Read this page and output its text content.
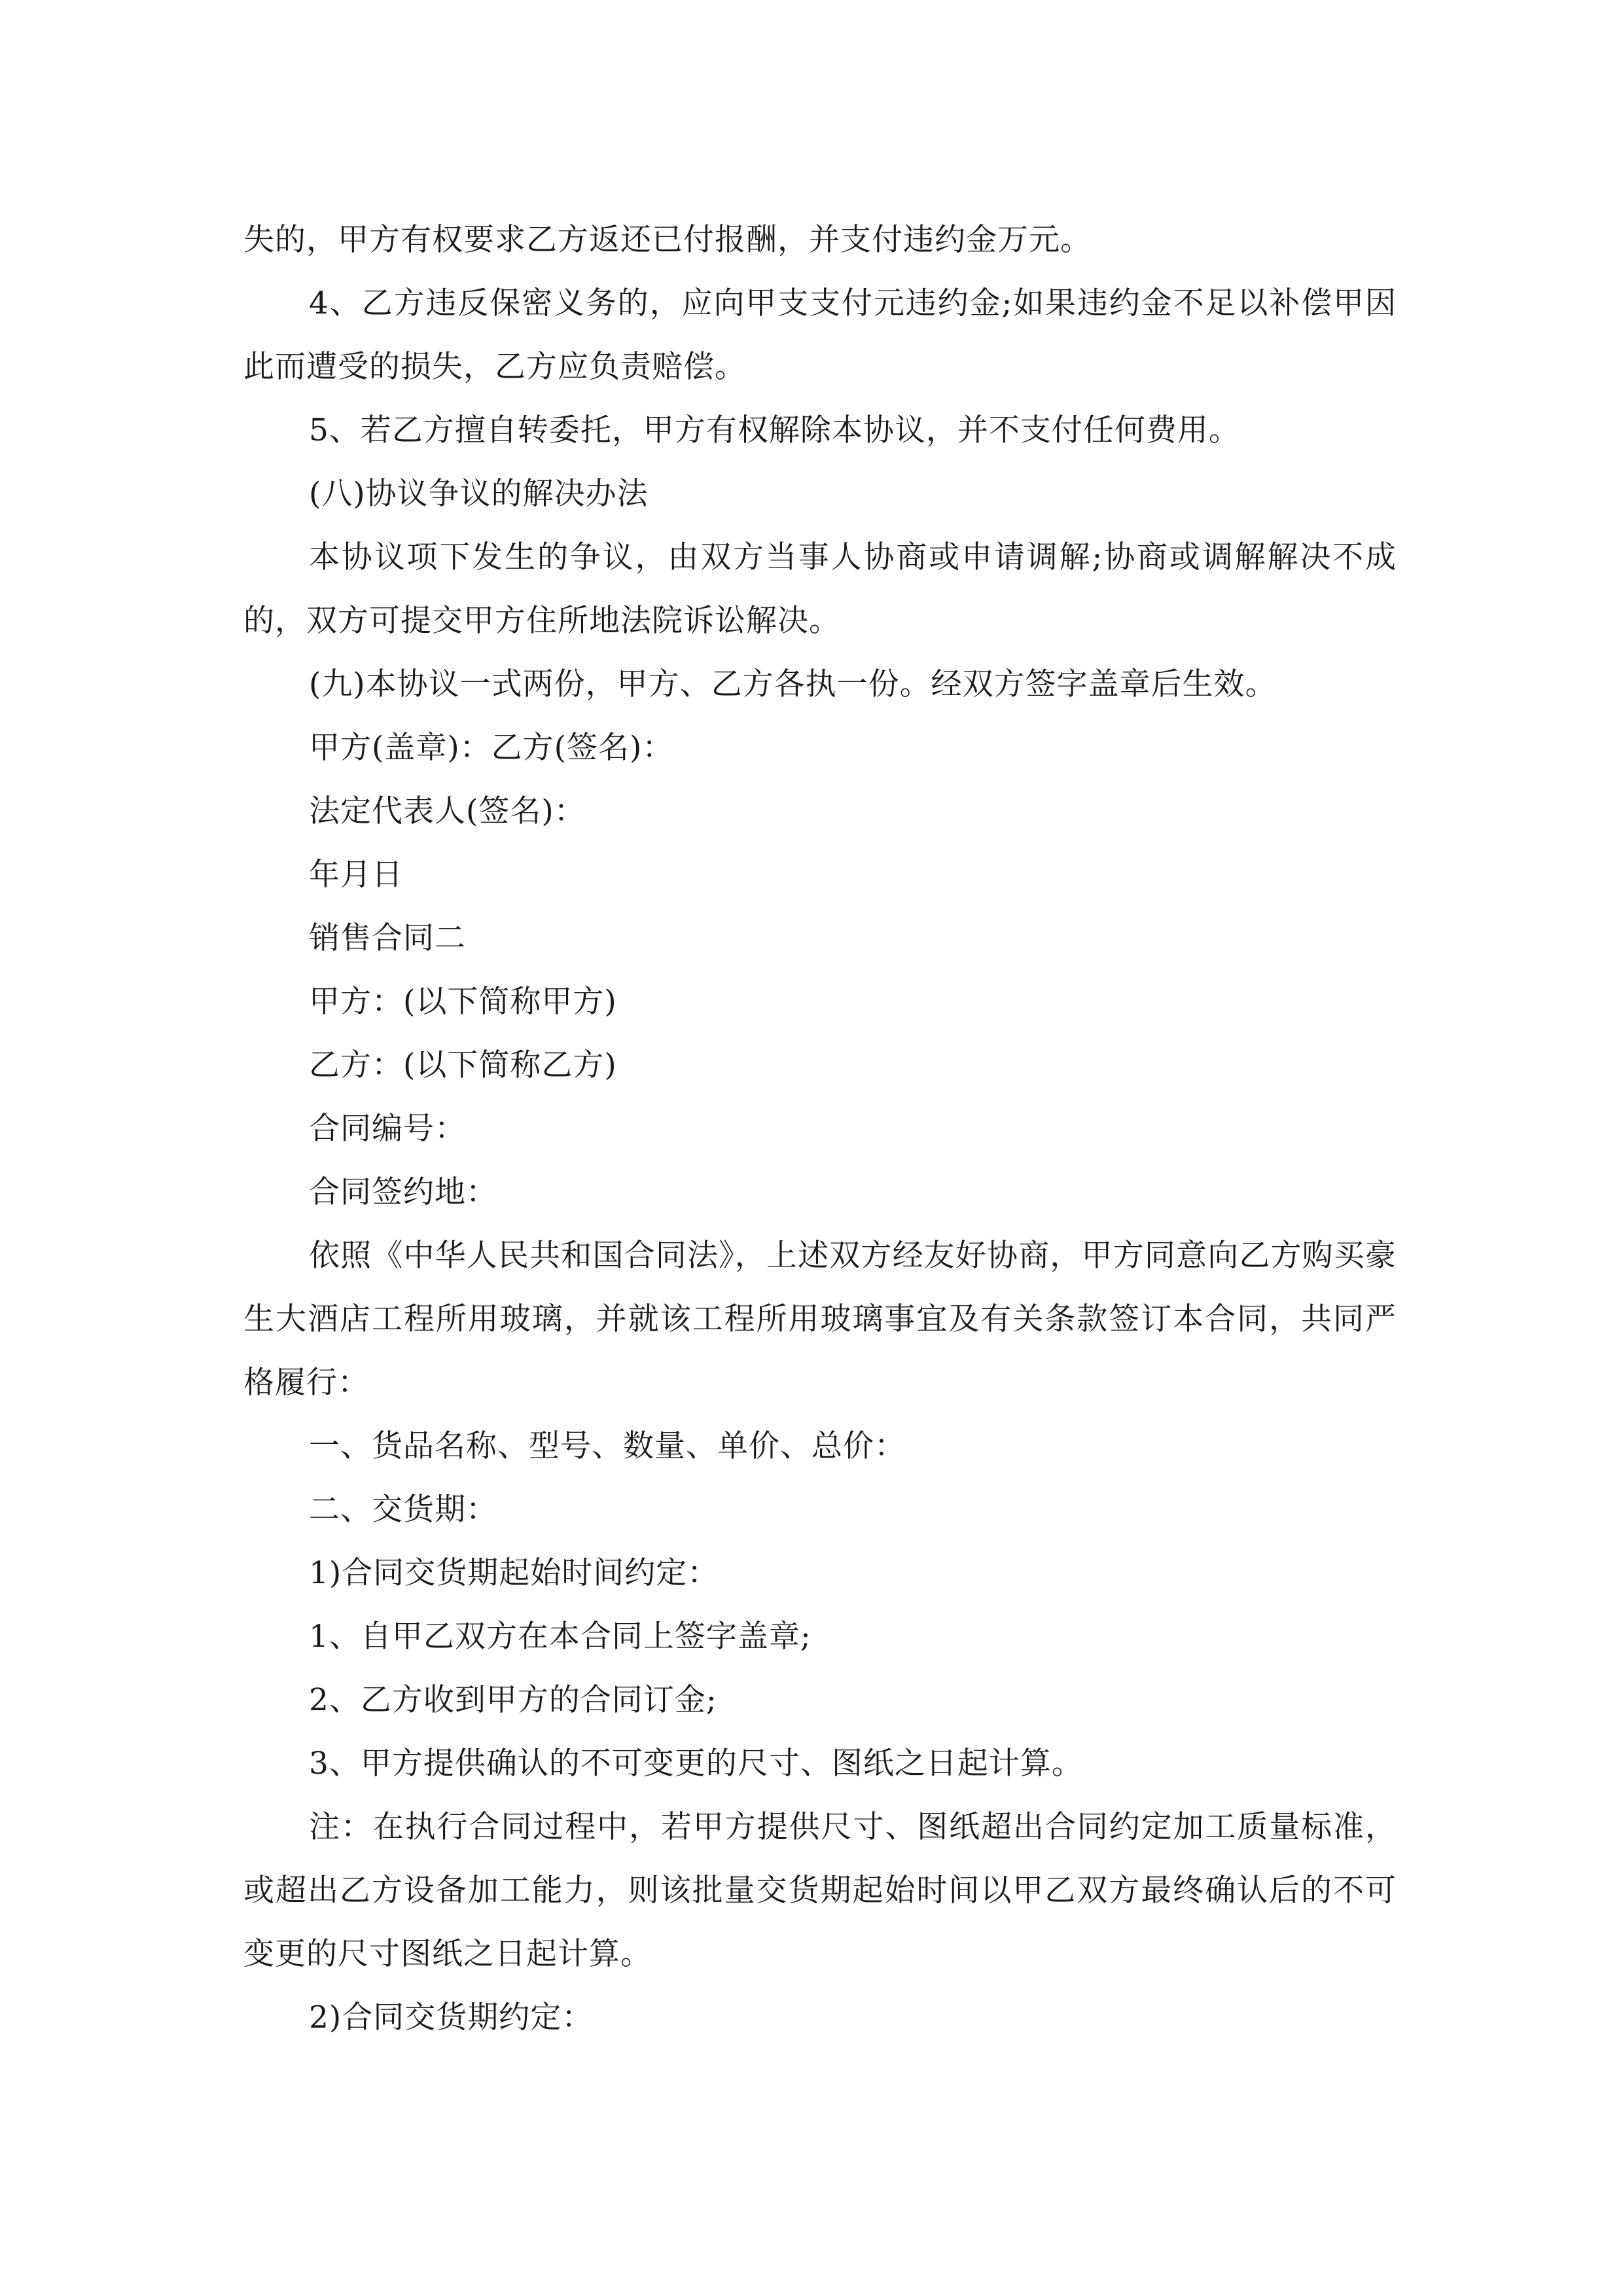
失的，甲方有权要求乙方返还已付报酬，并支付违约金万元。

4、乙方违反保密义务的，应向甲支支付元违约金;如果违约金不足以补偿甲因此而遭受的损失，乙方应负责赔偿。

5、若乙方擅自转委托，甲方有权解除本协议，并不支付任何费用。

(八)协议争议的解决办法

本协议项下发生的争议，由双方当事人协商或申请调解;协商或调解解决不成的，双方可提交甲方住所地法院诉讼解决。

(九)本协议一式两份，甲方、乙方各执一份。经双方签字盖章后生效。

甲方(盖章)：乙方(签名)：

法定代表人(签名)：

年月日

销售合同二

甲方：(以下简称甲方)

乙方：(以下简称乙方)

合同编号：

合同签约地：

依照《中华人民共和国合同法》，上述双方经友好协商，甲方同意向乙方购买豪生大酒店工程所用玻璃，并就该工程所用玻璃事宜及有关条款签订本合同，共同严格履行：

一、货品名称、型号、数量、单价、总价：

二、交货期：

1)合同交货期起始时间约定：

1、自甲乙双方在本合同上签字盖章;

2、乙方收到甲方的合同订金;

3、甲方提供确认的不可变更的尺寸、图纸之日起计算。

注：在执行合同过程中，若甲方提供尺寸、图纸超出合同约定加工质量标准，或超出乙方设备加工能力，则该批量交货期起始时间以甲乙双方最终确认后的不可变更的尺寸图纸之日起计算。

2)合同交货期约定：
